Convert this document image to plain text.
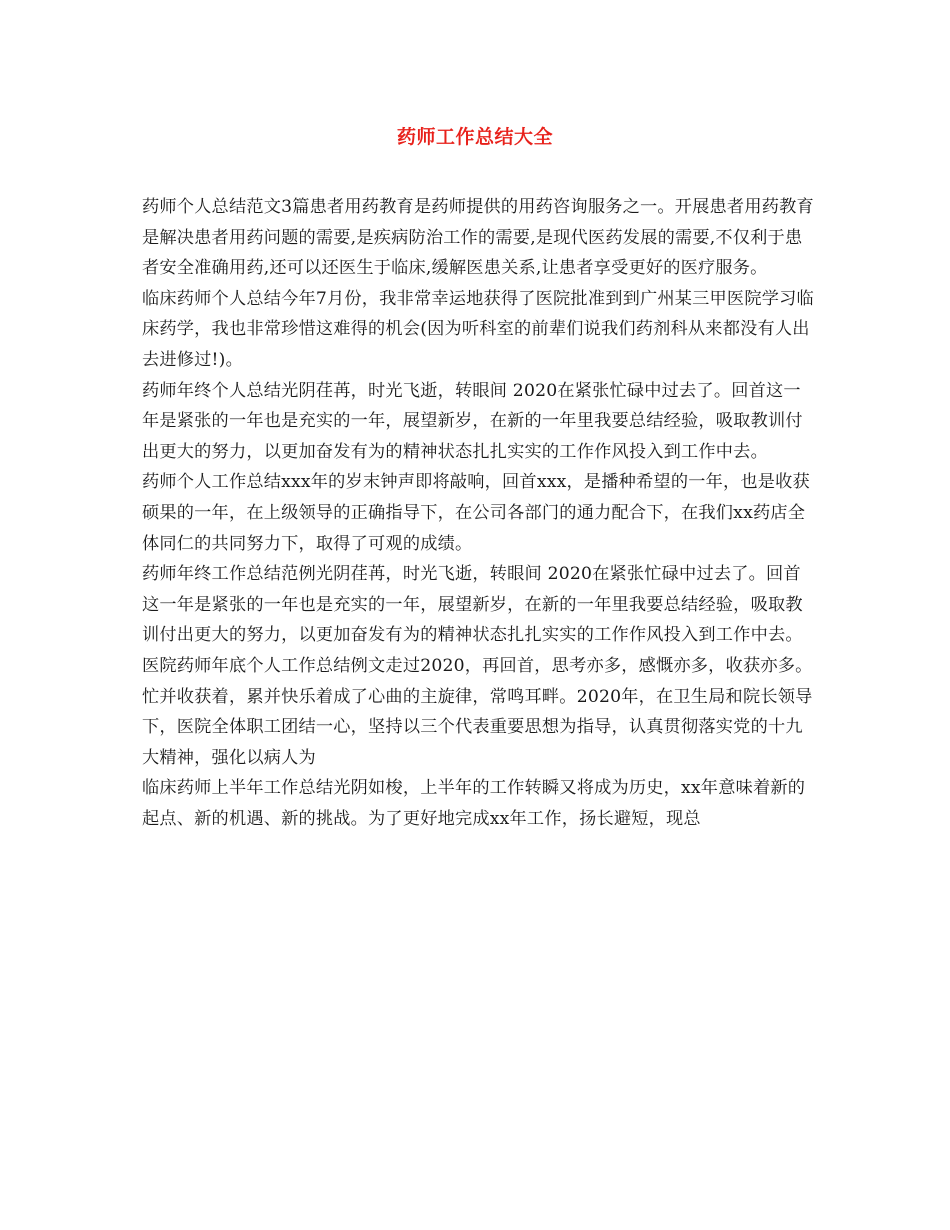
药师工作总结大全

药师个人总结范文3篇患者用药教育是药师提供的用药咨询服务之一。开展患者用药教育是解决患者用药问题的需要,是疾病防治工作的需要,是现代医药发展的需要,不仅利于患者安全准确用药,还可以还医生于临床,缓解医患关系,让患者享受更好的医疗服务。

临床药师个人总结今年7月份，我非常幸运地获得了医院批准到到广州某三甲医院学习临床药学，我也非常珍惜这难得的机会(因为听科室的前辈们说我们药剂科从来都没有人出去进修过!)。

药师年终个人总结光阴荏苒，时光飞逝，转眼间 2020在紧张忙碌中过去了。回首这一年是紧张的一年也是充实的一年，展望新岁，在新的一年里我要总结经验，吸取教训付出更大的努力，以更加奋发有为的精神状态扎扎实实的工作作风投入到工作中去。

药师个人工作总结xxx年的岁末钟声即将敲响，回首xxx，是播种希望的一年，也是收获硕果的一年，在上级领导的正确指导下，在公司各部门的通力配合下，在我们xx药店全体同仁的共同努力下，取得了可观的成绩。

药师年终工作总结范例光阴荏苒，时光飞逝，转眼间 2020在紧张忙碌中过去了。回首这一年是紧张的一年也是充实的一年，展望新岁，在新的一年里我要总结经验，吸取教训付出更大的努力，以更加奋发有为的精神状态扎扎实实的工作作风投入到工作中去。

医院药师年底个人工作总结例文走过2020，再回首，思考亦多，感慨亦多，收获亦多。忙并收获着，累并快乐着成了心曲的主旋律，常鸣耳畔。2020年，在卫生局和院长领导下，医院全体职工团结一心，坚持以三个代表重要思想为指导，认真贯彻落实党的十九大精神，强化以病人为

临床药师上半年工作总结光阴如梭，上半年的工作转瞬又将成为历史，xx年意味着新的起点、新的机遇、新的挑战。为了更好地完成xx年工作，扬长避短，现总
